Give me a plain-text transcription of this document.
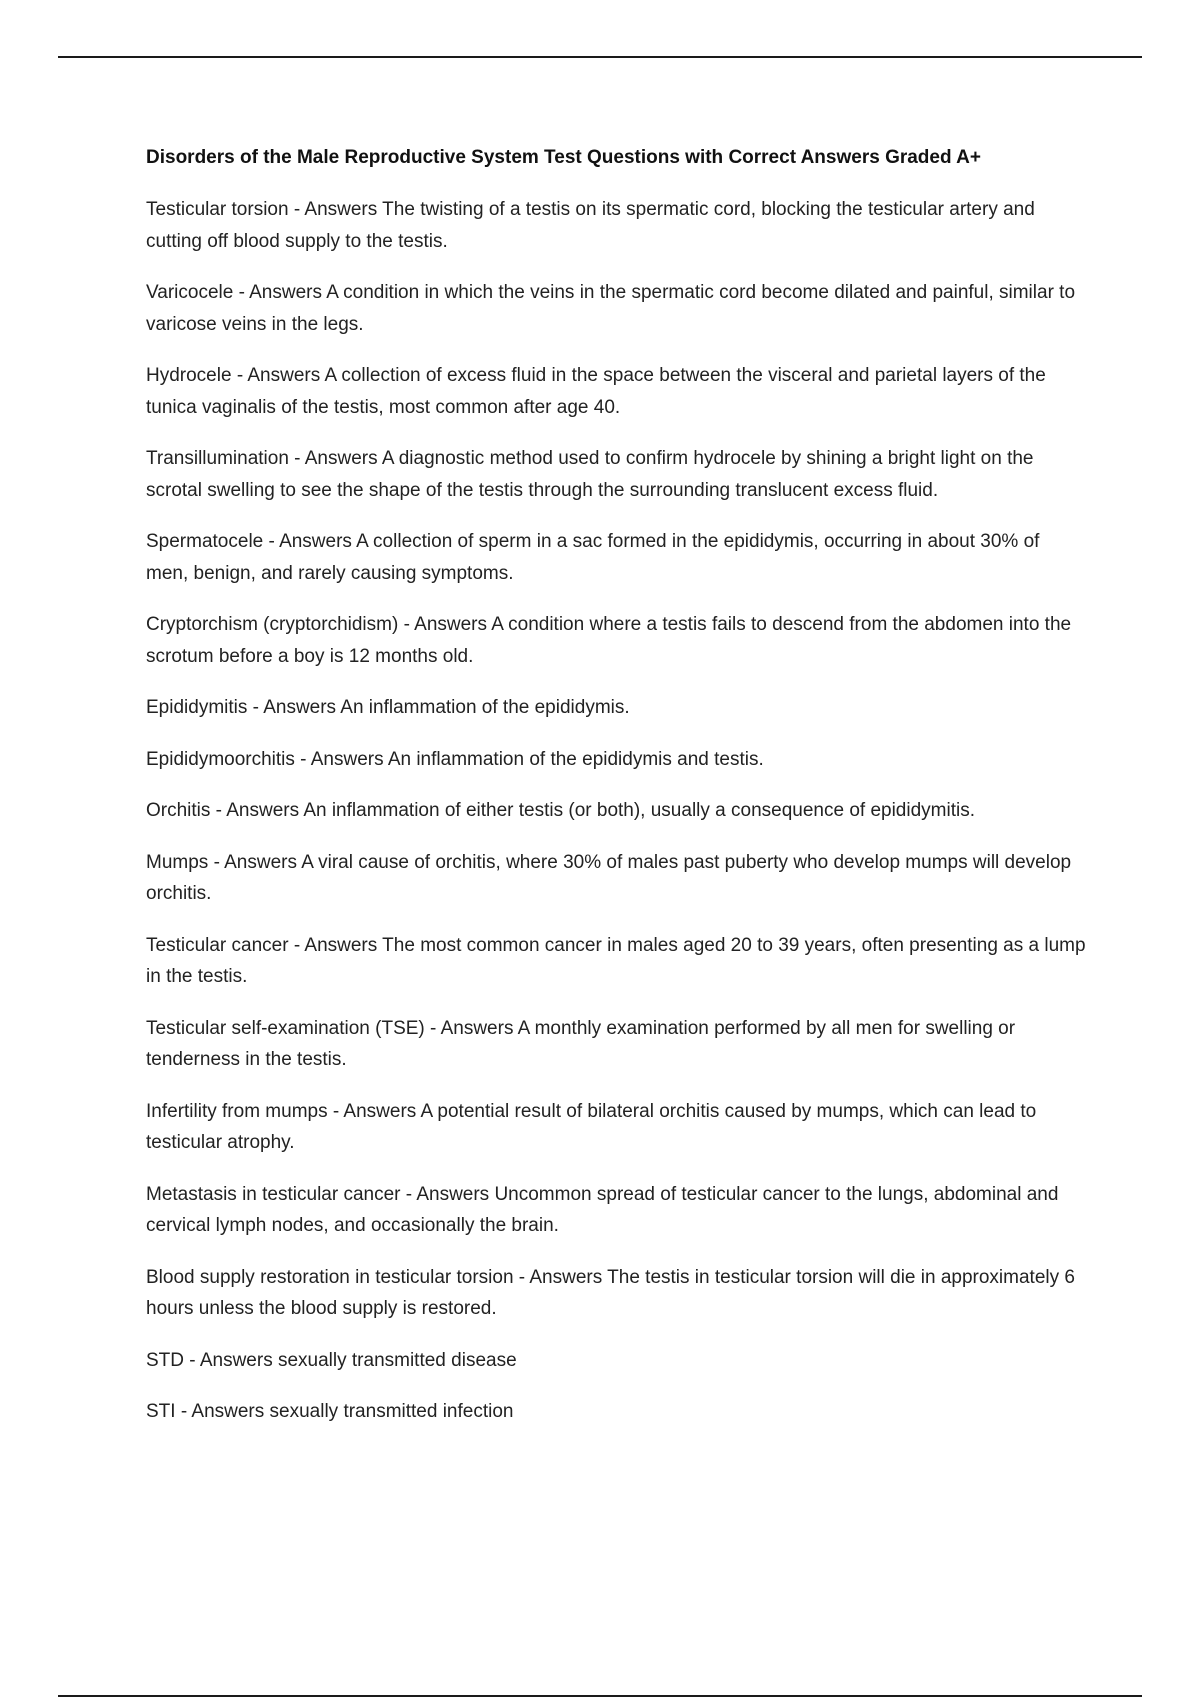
Disorders of the Male Reproductive System Test Questions with Correct Answers Graded A+

Testicular torsion - Answers The twisting of a testis on its spermatic cord, blocking the testicular artery and cutting off blood supply to the testis.

Varicocele - Answers A condition in which the veins in the spermatic cord become dilated and painful, similar to varicose veins in the legs.

Hydrocele - Answers A collection of excess fluid in the space between the visceral and parietal layers of the tunica vaginalis of the testis, most common after age 40.

Transillumination - Answers A diagnostic method used to confirm hydrocele by shining a bright light on the scrotal swelling to see the shape of the testis through the surrounding translucent excess fluid.

Spermatocele - Answers A collection of sperm in a sac formed in the epididymis, occurring in about 30% of men, benign, and rarely causing symptoms.

Cryptorchism (cryptorchidism) - Answers A condition where a testis fails to descend from the abdomen into the scrotum before a boy is 12 months old.

Epididymitis - Answers An inflammation of the epididymis.

Epididymoorchitis - Answers An inflammation of the epididymis and testis.

Orchitis - Answers An inflammation of either testis (or both), usually a consequence of epididymitis.

Mumps - Answers A viral cause of orchitis, where 30% of males past puberty who develop mumps will develop orchitis.

Testicular cancer - Answers The most common cancer in males aged 20 to 39 years, often presenting as a lump in the testis.

Testicular self-examination (TSE) - Answers A monthly examination performed by all men for swelling or tenderness in the testis.

Infertility from mumps - Answers A potential result of bilateral orchitis caused by mumps, which can lead to testicular atrophy.

Metastasis in testicular cancer - Answers Uncommon spread of testicular cancer to the lungs, abdominal and cervical lymph nodes, and occasionally the brain.

Blood supply restoration in testicular torsion - Answers The testis in testicular torsion will die in approximately 6 hours unless the blood supply is restored.

STD - Answers sexually transmitted disease

STI - Answers sexually transmitted infection
